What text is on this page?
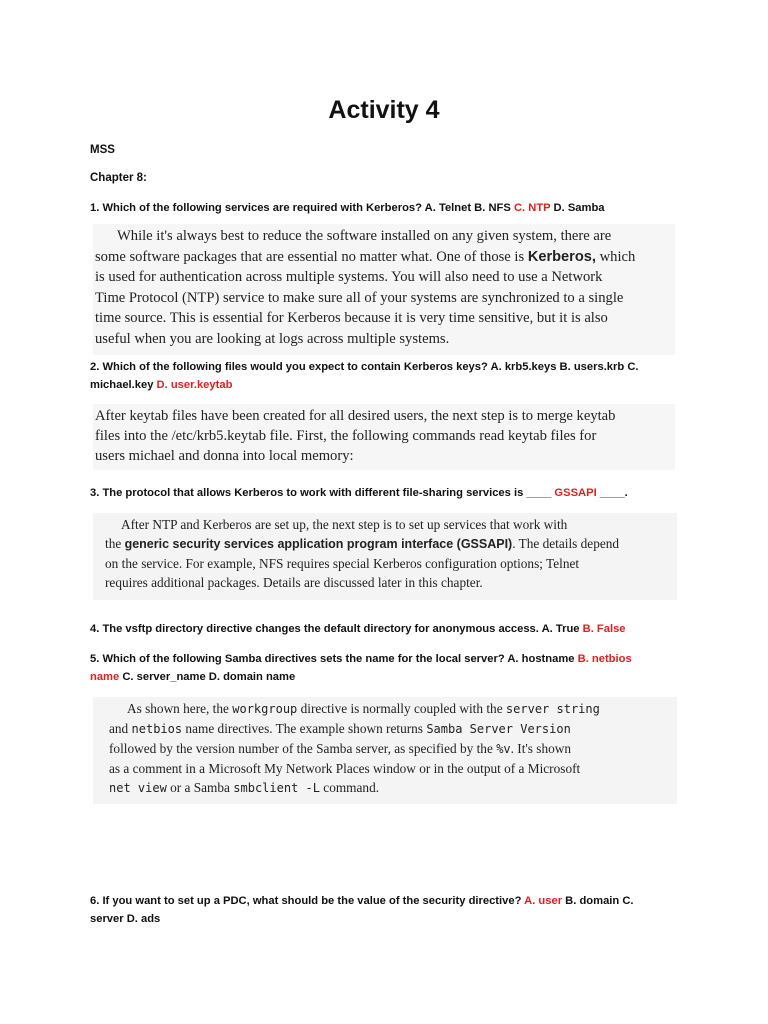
Activity 4
MSS
Chapter 8:
1. Which of the following services are required with Kerberos? A. Telnet B. NFS C. NTP D. Samba

While it's always best to reduce the software installed on any given system, there are

some software packages that are essential no matter what. One of those is Kerberos, which

is used for authentication across multiple systems. You will also need to use a Network

Time Protocol (NTP) service to make sure all of your systems are synchronized to a single

time source. This is essential for Kerberos because it is very time sensitive, but it is also

useful when you are looking at logs across multiple systems.

2. Which of the following files would you expect to contain Kerberos keys? A. krb5.keys B. users.krb C.
michael.key D. user.keytab

After keytab files have been created for all desired users, the next step is to merge keytab

files into the /etc/krb5.keytab file. First, the following commands read keytab files for

users michael and donna into local memory:

3. The protocol that allows Kerberos to work with different file-sharing services is ____ GSSAPI ____.

After NTP and Kerberos are set up, the next step is to set up services that work with

the generic security services application program interface (GSSAPI). The details depend

on the service. For example, NFS requires special Kerberos configuration options; Telnet

requires additional packages. Details are discussed later in this chapter.

4. The vsftp directory directive changes the default directory for anonymous access. A. True B. False
5. Which of the following Samba directives sets the name for the local server? A. hostname B. netbios
name C. server_name D. domain name

As shown here, the workgroup directive is normally coupled with the server string

and netbios name directives. The example shown returns Samba Server Version

followed by the version number of the Samba server, as specified by the %v. It's shown

as a comment in a Microsoft My Network Places window or in the output of a Microsoft

net view or a Samba smbclient -L command.

6. If you want to set up a PDC, what should be the value of the security directive? A. user B. domain C.
server D. ads
